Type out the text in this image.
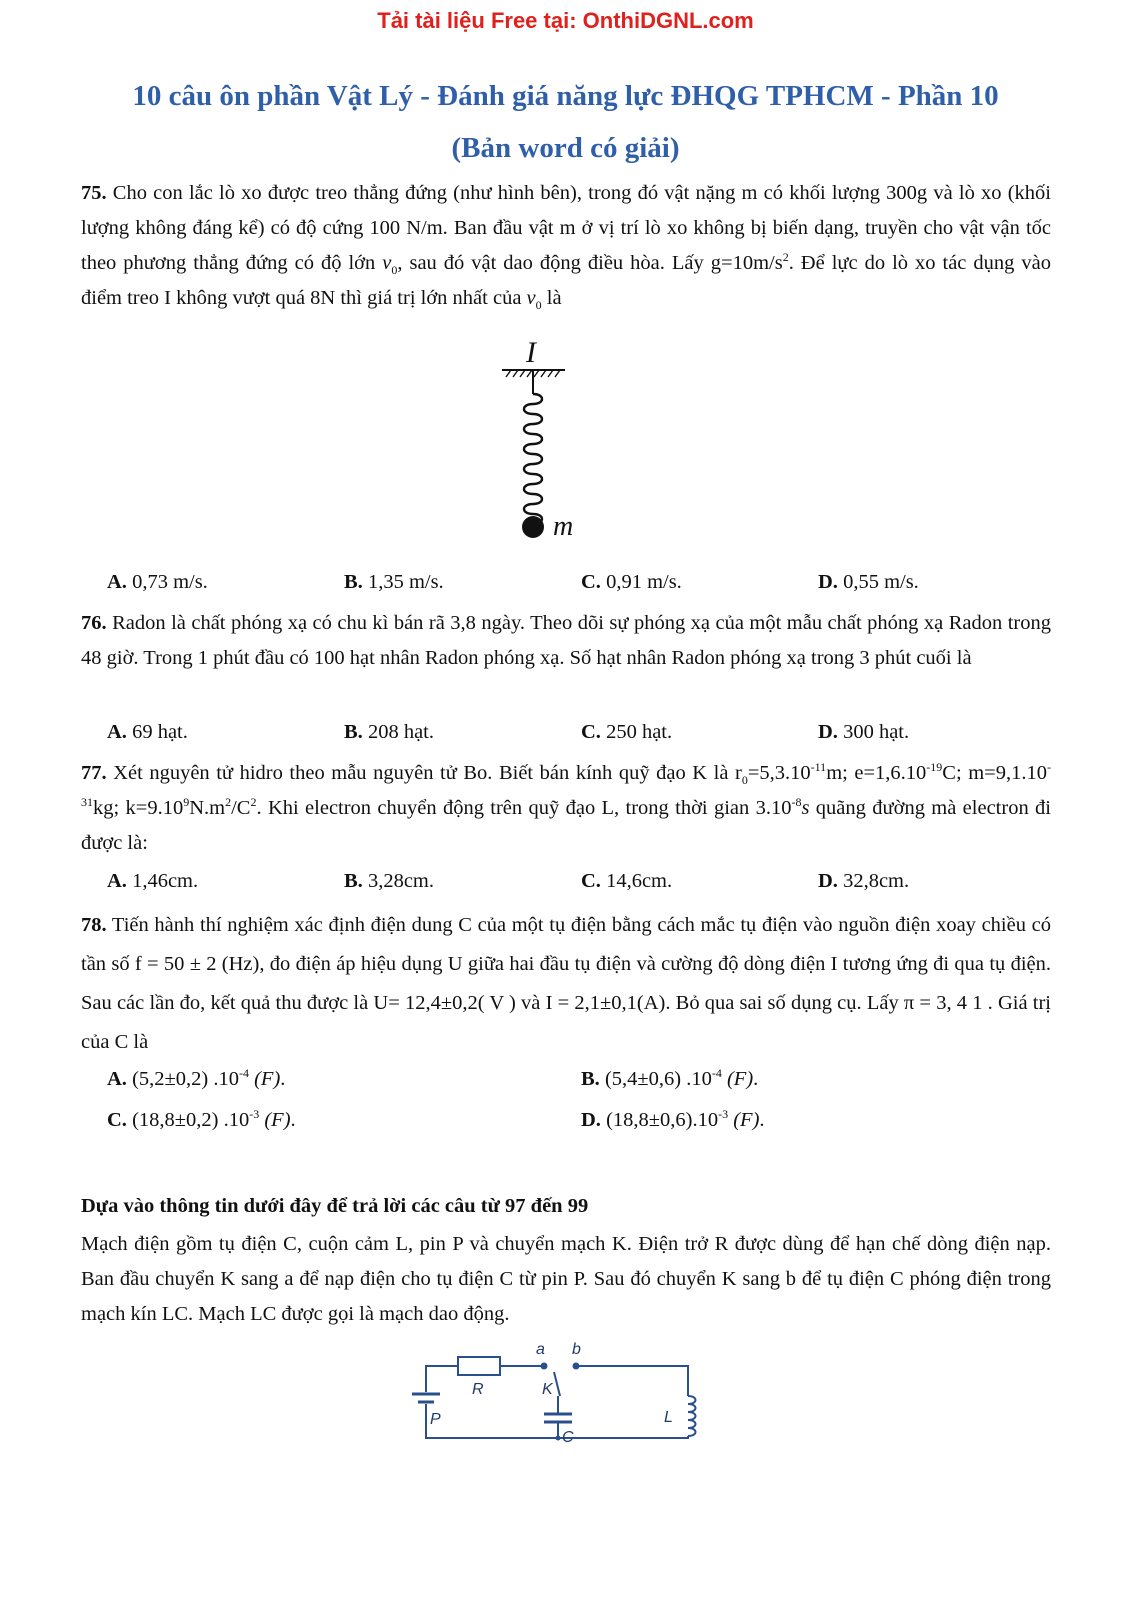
Tải tài liệu Free tại: OnthiDGNL.com
10 câu ôn phần Vật Lý - Đánh giá năng lực ĐHQG TPHCM - Phần 10
(Bản word có giải)

75. Cho con lắc lò xo được treo thẳng đứng (như hình bên), trong đó vật nặng m có khối lượng 300g và lò xo (khối lượng không đáng kể) có độ cứng 100 N/m. Ban đầu vật m ở vị trí lò xo không bị biến dạng, truyền cho vật vận tốc theo phương thẳng đứng có độ lớn $v_0$, sau đó vật dao động điều hòa. Lấy $g=10m/s^2$. Để lực do lò xo tác dụng vào điểm treo I không vượt quá 8N thì giá trị lớn nhất của $v_0$ là

I
m
A. 0,73 m/s.	B. 1,35 m/s.	C. 0,91 m/s.	D. 0,55 m/s.

76. Radon là chất phóng xạ có chu kì bán rã 3,8 ngày. Theo dõi sự phóng xạ của một mẫu chất phóng xạ Radon trong 48 giờ. Trong 1 phút đầu có 100 hạt nhân Radon phóng xạ. Số hạt nhân Radon phóng xạ trong 3 phút cuối là

A. 69 hạt.	B. 208 hạt.	C. 250 hạt.	D. 300 hạt.

77. Xét nguyên tử hidro theo mẫu nguyên tử Bo. Biết bán kính quỹ đạo K là $r_0=5,3.10^{-11}m$; $e=1,6.10^{-19}C$; $m=9,1.10^{-31}kg$; $k=9.10^9N.m^2/C^2$. Khi electron chuyển động trên quỹ đạo L, trong thời gian $3.10^{-8}s$ quãng đường mà electron đi được là:

A. 1,46cm.	B. 3,28cm.	C. 14,6cm.	D. 32,8cm.

78. Tiến hành thí nghiệm xác định điện dung C của một tụ điện bằng cách mắc tụ điện vào nguồn điện xoay chiều có tần số f = 50 ± 2 (Hz), đo điện áp hiệu dụng U giữa hai đầu tụ điện và cường độ dòng điện I tương ứng đi qua tụ điện. Sau các lần đo, kết quả thu được là U= 12,4±0,2( V ) và I = 2,1±0,1(A). Bỏ qua sai số dụng cụ. Lấy π = 3, 4 1 . Giá trị của C là

A. (5,2±0,2) $.10^{-4}$ (F).	B. (5,4±0,6) $.10^{-4}$ (F).
C. (18,8±0,2) $.10^{-3}$ (F).	D. $(18,8\pm 0,6).10^{-3}$ (F).

Dựa vào thông tin dưới đây để trả lời các câu từ 97 đến 99

Mạch điện gồm tụ điện C, cuộn cảm L, pin P và chuyển mạch K. Điện trở R được dùng để hạn chế dòng điện nạp. Ban đầu chuyển K sang a để nạp điện cho tụ điện C từ pin P. Sau đó chuyển K sang b để tụ điện C phóng điện trong mạch kín LC. Mạch LC được gọi là mạch dao động.

a b
R	K
P
C
L
